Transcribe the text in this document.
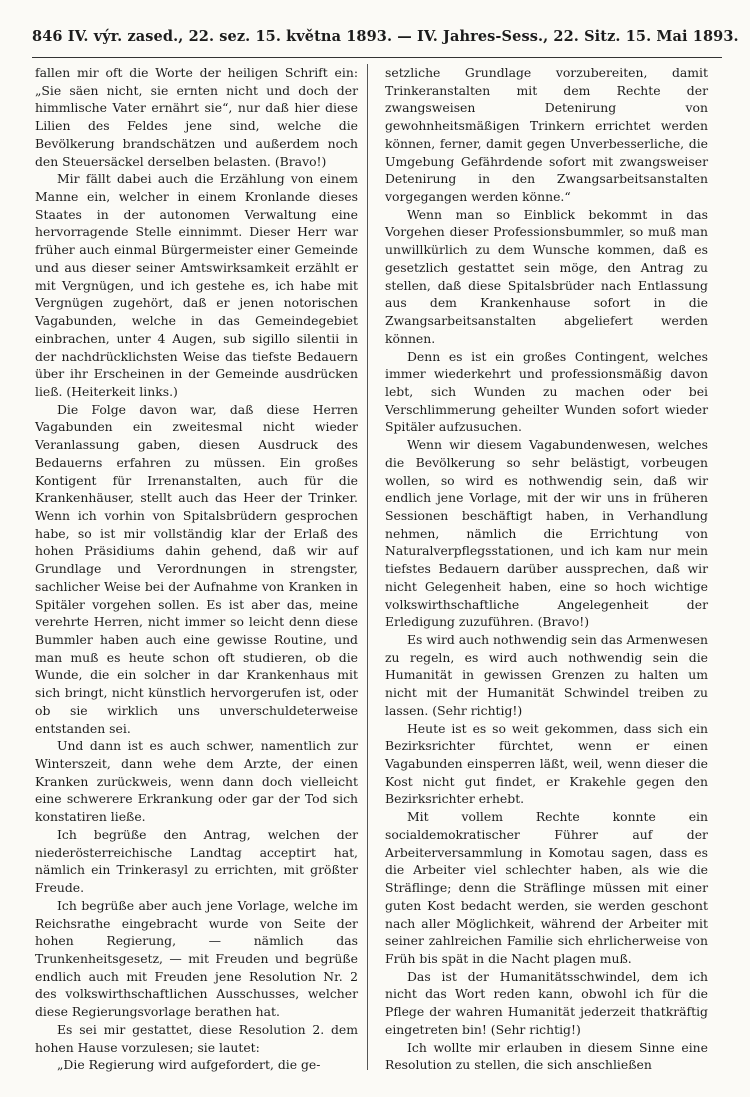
846 IV. výr. zased., 22. sez. 15. května 1893. — IV. Jahres-Sess., 22. Sitz. 15. Mai 1893.

fallen mir oft die Worte der heiligen Schrift ein: „Sie säen nicht, sie ernten nicht und doch der himmlische Vater ernährt sie“, nur daß hier diese Lilien des Feldes jene sind, welche die Bevölkerung brandschätzen und außerdem noch den Steuersäckel derselben belasten. (Bravo!)

Mir fällt dabei auch die Erzählung von einem Manne ein, welcher in einem Kronlande dieses Staates in der autonomen Verwaltung eine hervorragende Stelle einnimmt. Dieser Herr war früher auch einmal Bürgermeister einer Gemeinde und aus dieser seiner Amtswirksamkeit erzählt er mit Vergnügen, und ich gestehe es, ich habe mit Vergnügen zugehört, daß er jenen notorischen Vagabunden, welche in das Gemeindegebiet einbrachen, unter 4 Augen, sub sigillo silentii in der nachdrücklichsten Weise das tiefste Bedauern über ihr Erscheinen in der Gemeinde ausdrücken ließ. (Heiterkeit links.)

Die Folge davon war, daß diese Herren Vagabunden ein zweitesmal nicht wieder Veranlassung gaben, diesen Ausdruck des Bedauerns erfahren zu müssen. Ein großes Kontigent für Irrenanstalten, auch für die Krankenhäuser, stellt auch das Heer der Trinker. Wenn ich vorhin von Spitalsbrüdern gesprochen habe, so ist mir vollständig klar der Erlaß des hohen Präsidiums dahin gehend, daß wir auf Grundlage und Verordnungen in strengster, sachlicher Weise bei der Aufnahme von Kranken in Spitäler vorgehen sollen. Es ist aber das, meine verehrte Herren, nicht immer so leicht denn diese Bummler haben auch eine gewisse Routine, und man muß es heute schon oft studieren, ob die Wunde, die ein solcher in dar Krankenhaus mit sich bringt, nicht künstlich hervorgerufen ist, oder ob sie wirklich uns unverschuldeterweise entstanden sei.

Und dann ist es auch schwer, namentlich zur Winterszeit, dann wehe dem Arzte, der einen Kranken zurückweis, wenn dann doch vielleicht eine schwerere Erkrankung oder gar der Tod sich konstatiren ließe.

Ich begrüße den Antrag, welchen der niederösterreichische Landtag acceptirt hat, nämlich ein Trinkerasyl zu errichten, mit größter Freude.

Ich begrüße aber auch jene Vorlage, welche im Reichsrathe eingebracht wurde von Seite der hohen Regierung, — nämlich das Trunkenheitsgesetz, — mit Freuden und begrüße endlich auch mit Freuden jene Resolution Nr. 2 des volkswirthschaftlichen Ausschusses, welcher diese Regierungsvorlage berathen hat.

Es sei mir gestattet, diese Resolution 2. dem hohen Hause vorzulesen; sie lautet:

„Die Regierung wird aufgefordert, die ge-

setzliche Grundlage vorzubereiten, damit Trinkeranstalten mit dem Rechte der zwangsweisen Detenirung von gewohnheitsmäßigen Trinkern errichtet werden können, ferner, damit gegen Unverbesserliche, die Umgebung Gefährdende sofort mit zwangsweiser Detenirung in den Zwangsarbeitsanstalten vorgegangen werden könne.“

Wenn man so Einblick bekommt in das Vorgehen dieser Professionsbummler, so muß man unwillkürlich zu dem Wunsche kommen, daß es gesetzlich gestattet sein möge, den Antrag zu stellen, daß diese Spitalsbrüder nach Entlassung aus dem Krankenhause sofort in die Zwangsarbeitsanstalten abgeliefert werden können.

Denn es ist ein großes Contingent, welches immer wiederkehrt und professionsmäßig davon lebt, sich Wunden zu machen oder bei Verschlimmerung geheilter Wunden sofort wieder Spitäler aufzusuchen.

Wenn wir diesem Vagabundenwesen, welches die Bevölkerung so sehr belästigt, vorbeugen wollen, so wird es nothwendig sein, daß wir endlich jene Vorlage, mit der wir uns in früheren Sessionen beschäftigt haben, in Verhandlung nehmen, nämlich die Errichtung von Naturalverpflegsstationen, und ich kam nur mein tiefstes Bedauern darüber aussprechen, daß wir nicht Gelegenheit haben, eine so hoch wichtige volkswirthschaftliche Angelegenheit der Erledigung zuzuführen. (Bravo!)

Es wird auch nothwendig sein das Armenwesen zu regeln, es wird auch nothwendig sein die Humanität in gewissen Grenzen zu halten um nicht mit der Humanität Schwindel treiben zu lassen. (Sehr richtig!)

Heute ist es so weit gekommen, dass sich ein Bezirksrichter fürchtet, wenn er einen Vagabunden einsperren läßt, weil, wenn dieser die Kost nicht gut findet, er Krakehle gegen den Bezirksrichter erhebt.

Mit vollem Rechte konnte ein socialdemokratischer Führer auf der Arbeiterversammlung in Komotau sagen, dass es die Arbeiter viel schlechter haben, als wie die Sträflinge; denn die Sträflinge müssen mit einer guten Kost bedacht werden, sie werden geschont nach aller Möglichkeit, während der Arbeiter mit seiner zahlreichen Familie sich ehrlicherweise von Früh bis spät in die Nacht plagen muß.

Das ist der Humanitätsschwindel, dem ich nicht das Wort reden kann, obwohl ich für die Pflege der wahren Humanität jederzeit thatkräftig eingetreten bin! (Sehr richtig!)

Ich wollte mir erlauben in diesem Sinne eine Resolution zu stellen, die sich anschließen
